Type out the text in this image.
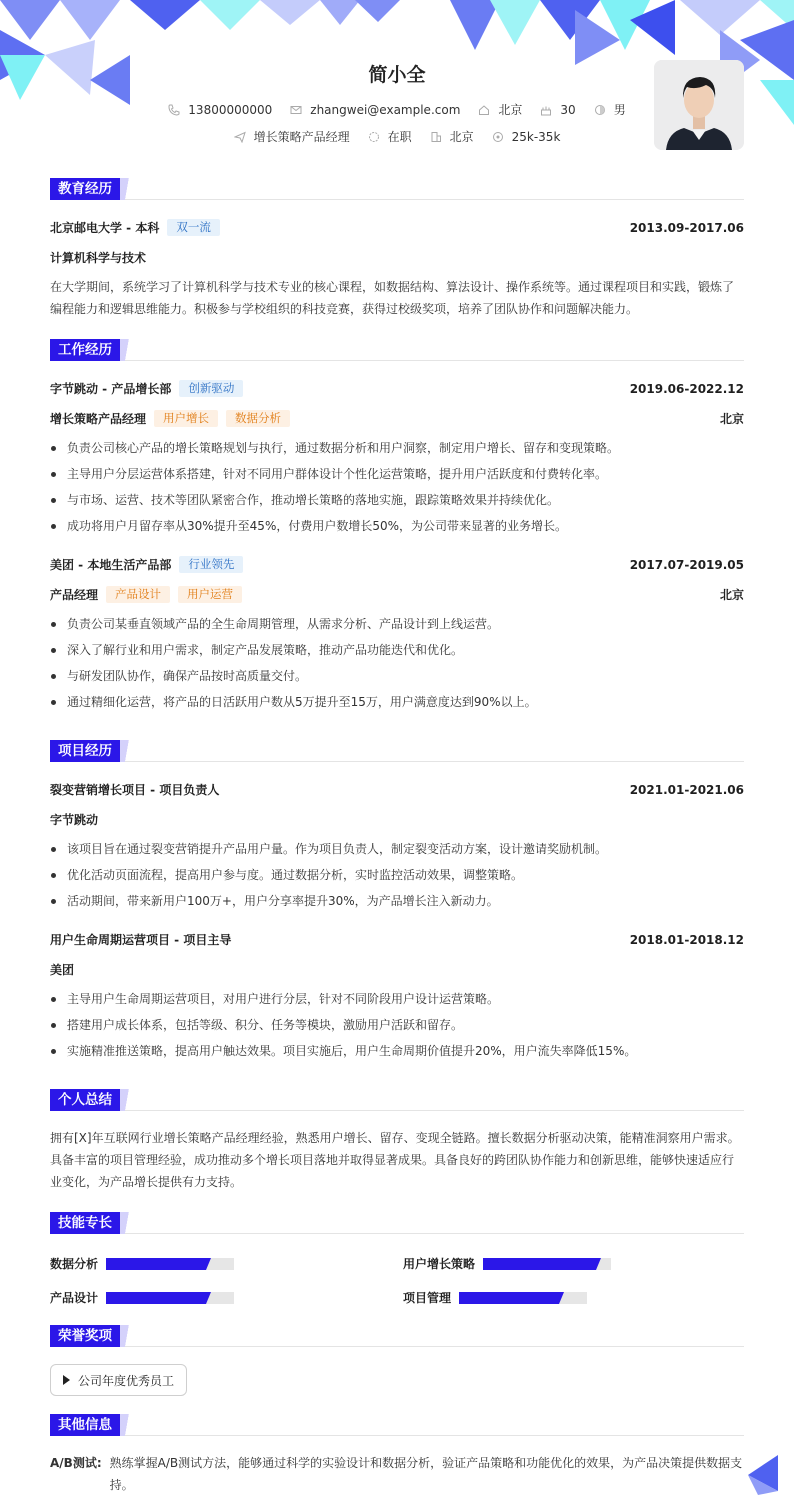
简小全
13800000000	zhangwei@example.com	北京	30	男
增长策略产品经理	在职	北京	25k-35k
教育经历
北京邮电大学 - 本科	双一流	2013.09-2017.06
计算机科学与技术
在大学期间，系统学习了计算机科学与技术专业的核心课程，如数据结构、算法设计、操作系统等。通过课程项目和实践，锻炼了编程能力和逻辑思维能力。积极参与学校组织的科技竞赛，获得过校级奖项，培养了团队协作和问题解决能力。
工作经历
字节跳动 - 产品增长部	创新驱动	2019.06-2022.12
增长策略产品经理	用户增长	数据分析	北京
负责公司核心产品的增长策略规划与执行，通过数据分析和用户洞察，制定用户增长、留存和变现策略。
主导用户分层运营体系搭建，针对不同用户群体设计个性化运营策略，提升用户活跃度和付费转化率。
与市场、运营、技术等团队紧密合作，推动增长策略的落地实施，跟踪策略效果并持续优化。
成功将用户月留存率从30%提升至45%，付费用户数增长50%，为公司带来显著的业务增长。
美团 - 本地生活产品部	行业领先	2017.07-2019.05
产品经理	产品设计	用户运营	北京
负责公司某垂直领域产品的全生命周期管理，从需求分析、产品设计到上线运营。
深入了解行业和用户需求，制定产品发展策略，推动产品功能迭代和优化。
与研发团队协作，确保产品按时高质量交付。
通过精细化运营，将产品的日活跃用户数从5万提升至15万，用户满意度达到90%以上。
项目经历
裂变营销增长项目 - 项目负责人	2021.01-2021.06
字节跳动
该项目旨在通过裂变营销提升产品用户量。作为项目负责人，制定裂变活动方案，设计邀请奖励机制。
优化活动页面流程，提高用户参与度。通过数据分析，实时监控活动效果，调整策略。
活动期间，带来新用户100万+，用户分享率提升30%，为产品增长注入新动力。
用户生命周期运营项目 - 项目主导	2018.01-2018.12
美团
主导用户生命周期运营项目，对用户进行分层，针对不同阶段用户设计运营策略。
搭建用户成长体系，包括等级、积分、任务等模块，激励用户活跃和留存。
实施精准推送策略，提高用户触达效果。项目实施后，用户生命周期价值提升20%，用户流失率降低15%。
个人总结
拥有[X]年互联网行业增长策略产品经理经验，熟悉用户增长、留存、变现全链路。擅长数据分析驱动决策，能精准洞察用户需求。具备丰富的项目管理经验，成功推动多个增长项目落地并取得显著成果。具备良好的跨团队协作能力和创新思维，能够快速适应行业变化，为产品增长提供有力支持。
技能专长
数据分析	用户增长策略
产品设计	项目管理
荣誉奖项
公司年度优秀员工
其他信息
A/B测试: 熟练掌握A/B测试方法，能够通过科学的实验设计和数据分析，验证产品策略和功能优化的效果，为产品决策提供数据支持。
